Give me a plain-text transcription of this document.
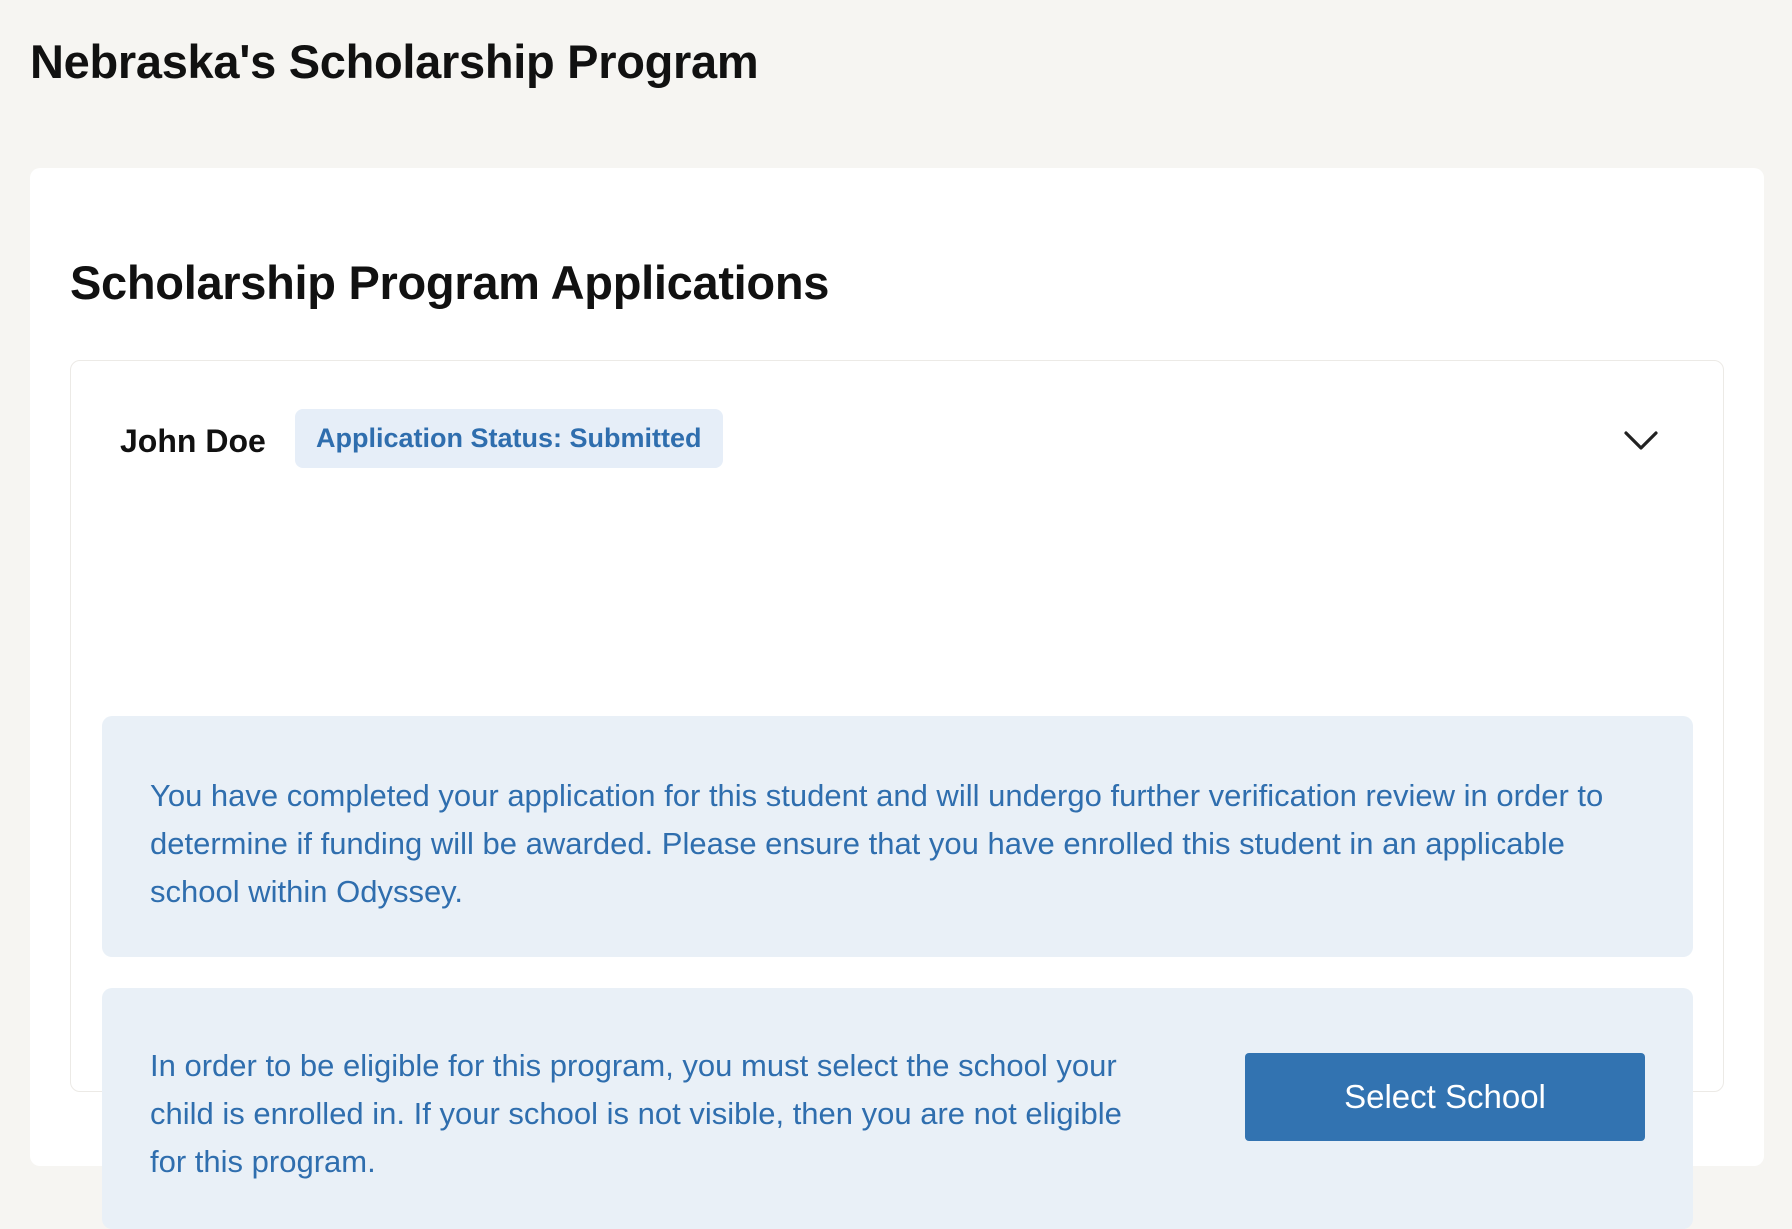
Nebraska's Scholarship Program
Scholarship Program Applications
John Doe	Application Status: Submitted

You have completed your application for this student and will undergo further verification review in order to determine if funding will be awarded. Please ensure that you have enrolled this student in an applicable school within Odyssey.

In order to be eligible for this program, you must select the school your child is enrolled in. If your school is not visible, then you are not eligible for this program.

Select School
